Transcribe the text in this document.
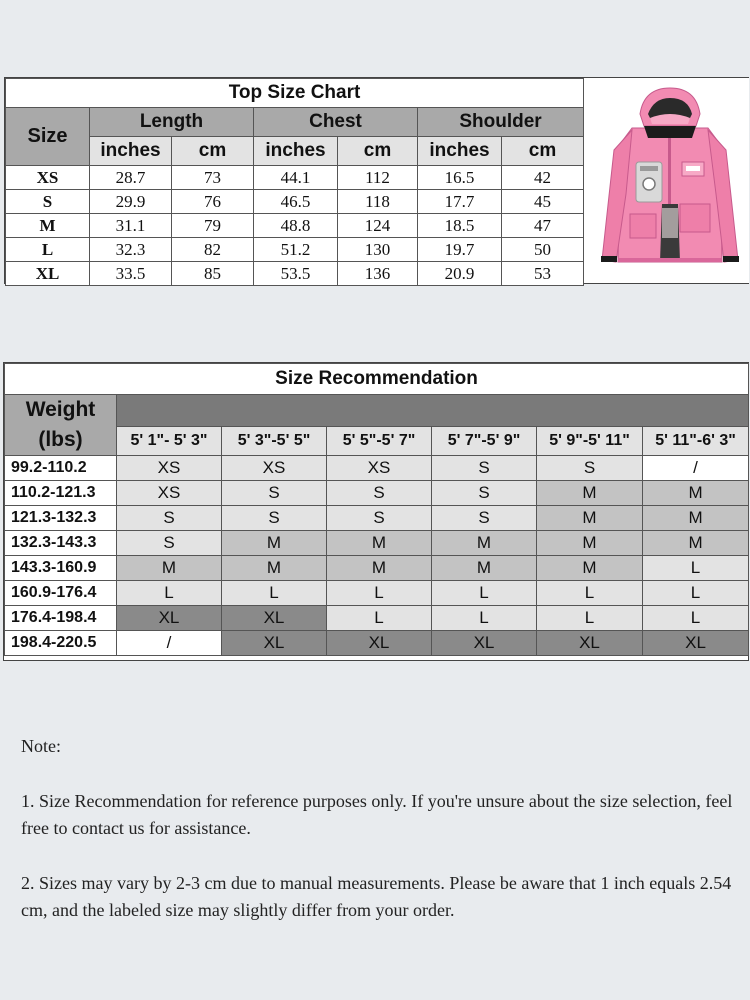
Top Size Chart						
Size	Length		Chest		Shoulder	
	inches	cm	inches	cm	inches	cm
XS	28.7	73	44.1	112	16.5	42
S	29.9	76	46.5	118	17.7	45
M	31.1	79	48.8	124	18.5	47
L	32.3	82	51.2	130	19.7	50
XL	33.5	85	53.5	136	20.9	53
Size Recommendation						

Weight
(lbs)						

	5' 1"- 5' 3"	5' 3"-5' 5"	5' 5"-5' 7"	5' 7"-5' 9"	5' 9"-5' 11"	5' 11"-6' 3"
99.2-110.2	XS	XS	XS	S	S	/
110.2-121.3	XS	S	S	S	M	M
121.3-132.3	S	S	S	S	M	M
132.3-143.3	S	M	M	M	M	M
143.3-160.9	M	M	M	M	M	L
160.9-176.4	L	L	L	L	L	L
176.4-198.4	XL	XL	L	L	L	L
198.4-220.5	/	XL	XL	XL	XL	XL

Note:

1. Size Recommendation for reference purposes only. If you're unsure about the size selection, feel free to contact us for assistance.

2. Sizes may vary by 2-3 cm due to manual measurements. Please be aware that 1 inch equals 2.54 cm, and the labeled size may slightly differ from your order.
